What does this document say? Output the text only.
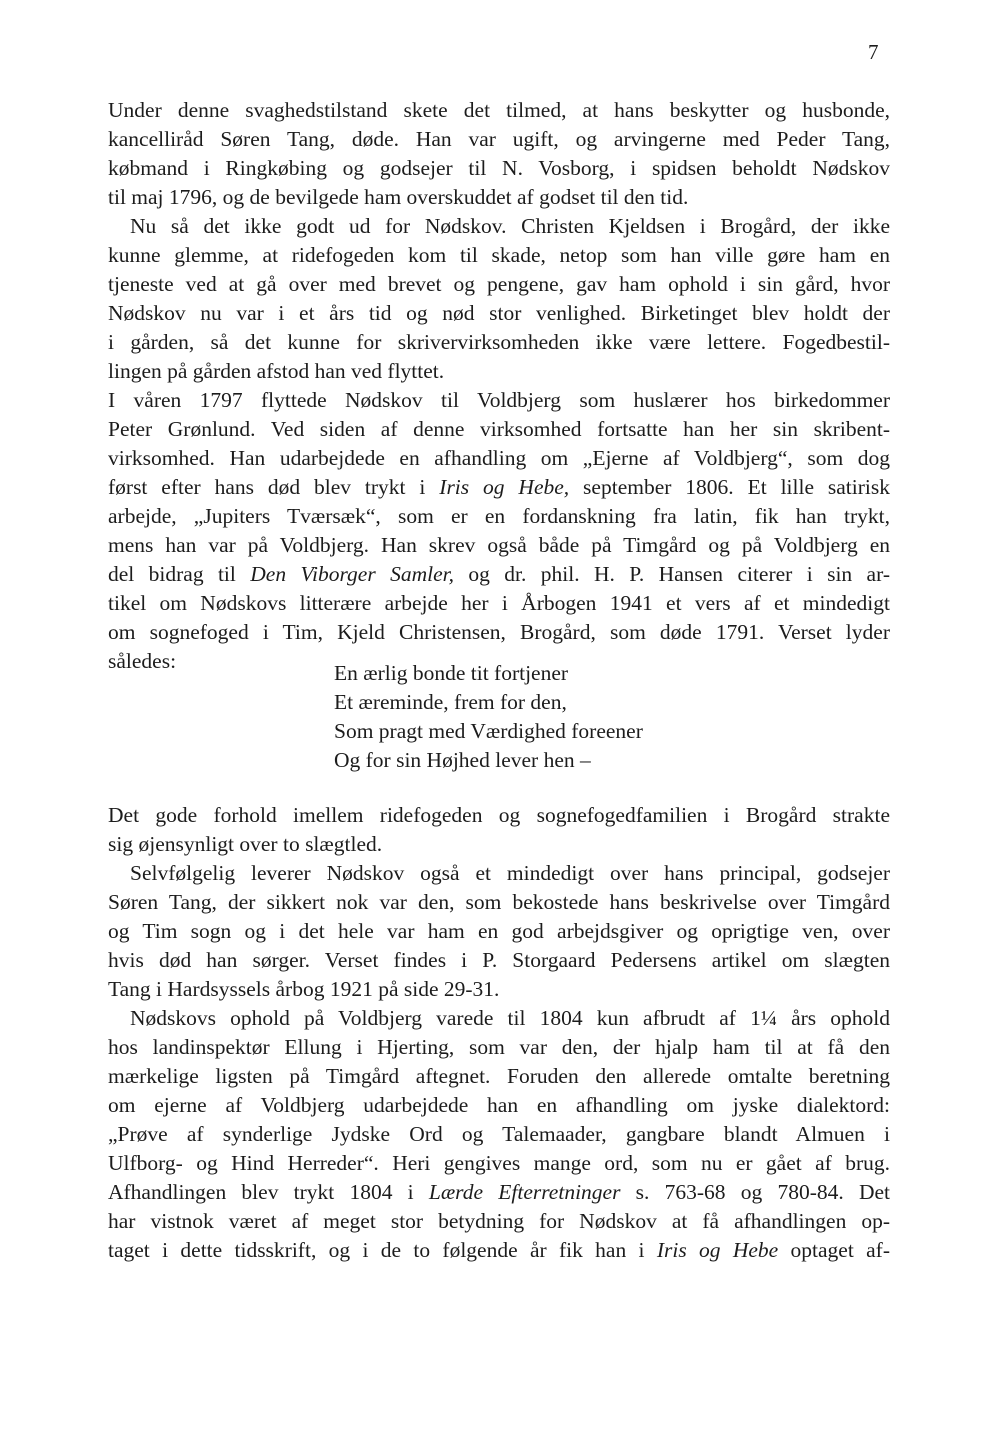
7
Under denne svaghedstilstand skete det tilmed, at hans beskytter og husbonde,
kancelliråd Søren Tang, døde. Han var ugift, og arvingerne med Peder Tang,
købmand i Ringkøbing og godsejer til N. Vosborg, i spidsen beholdt Nødskov
til maj 1796, og de bevilgede ham overskuddet af godset til den tid.
Nu så det ikke godt ud for Nødskov. Christen Kjeldsen i Brogård, der ikke
kunne glemme, at ridefogeden kom til skade, netop som han ville gøre ham en
tjeneste ved at gå over med brevet og pengene, gav ham ophold i sin gård, hvor
Nødskov nu var i et års tid og nød stor venlighed. Birketinget blev holdt der
i gården, så det kunne for skrivervirksomheden ikke være lettere. Fogedbestil-
lingen på gården afstod han ved flyttet.
I våren 1797 flyttede Nødskov til Voldbjerg som huslærer hos birkedommer
Peter Grønlund. Ved siden af denne virksomhed fortsatte han her sin skribent-
virksomhed. Han udarbejdede en afhandling om „Ejerne af Voldbjerg“, som dog
først efter hans død blev trykt i Iris og Hebe, september 1806. Et lille satirisk
arbejde, „Jupiters Tværsæk“, som er en fordanskning fra latin, fik han trykt,
mens han var på Voldbjerg. Han skrev også både på Timgård og på Voldbjerg en
del bidrag til Den Viborger Samler, og dr. phil. H. P. Hansen citerer i sin ar-
tikel om Nødskovs litterære arbejde her i Årbogen 1941 et vers af et mindedigt
om sognefoged i Tim, Kjeld Christensen, Brogård, som døde 1791. Verset lyder
således:	En ærlig bonde tit fortjener
Et æreminde, frem for den,
Som pragt med Værdighed foreener
Og for sin Højhed lever hen –
Det gode forhold imellem ridefogeden og sognefogedfamilien i Brogård strakte
sig øjensynligt over to slægtled.
Selvfølgelig leverer Nødskov også et mindedigt over hans principal, godsejer
Søren Tang, der sikkert nok var den, som bekostede hans beskrivelse over Timgård
og Tim sogn og i det hele var ham en god arbejdsgiver og oprigtige ven, over
hvis død han sørger. Verset findes i P. Storgaard Pedersens artikel om slægten
Tang i Hardsyssels årbog 1921 på side 29-31.
Nødskovs ophold på Voldbjerg varede til 1804 kun afbrudt af 1¼ års ophold
hos landinspektør Ellung i Hjerting, som var den, der hjalp ham til at få den
mærkelige ligsten på Timgård aftegnet. Foruden den allerede omtalte beretning
om ejerne af Voldbjerg udarbejdede han en afhandling om jyske dialektord:
„Prøve af synderlige Jydske Ord og Talemaader, gangbare blandt Almuen i
Ulfborg- og Hind Herreder“. Heri gengives mange ord, som nu er gået af brug.
Afhandlingen blev trykt 1804 i Lærde Efterretninger s. 763-68 og 780-84. Det
har vistnok været af meget stor betydning for Nødskov at få afhandlingen op-
taget i dette tidsskrift, og i de to følgende år fik han i Iris og Hebe optaget af-
